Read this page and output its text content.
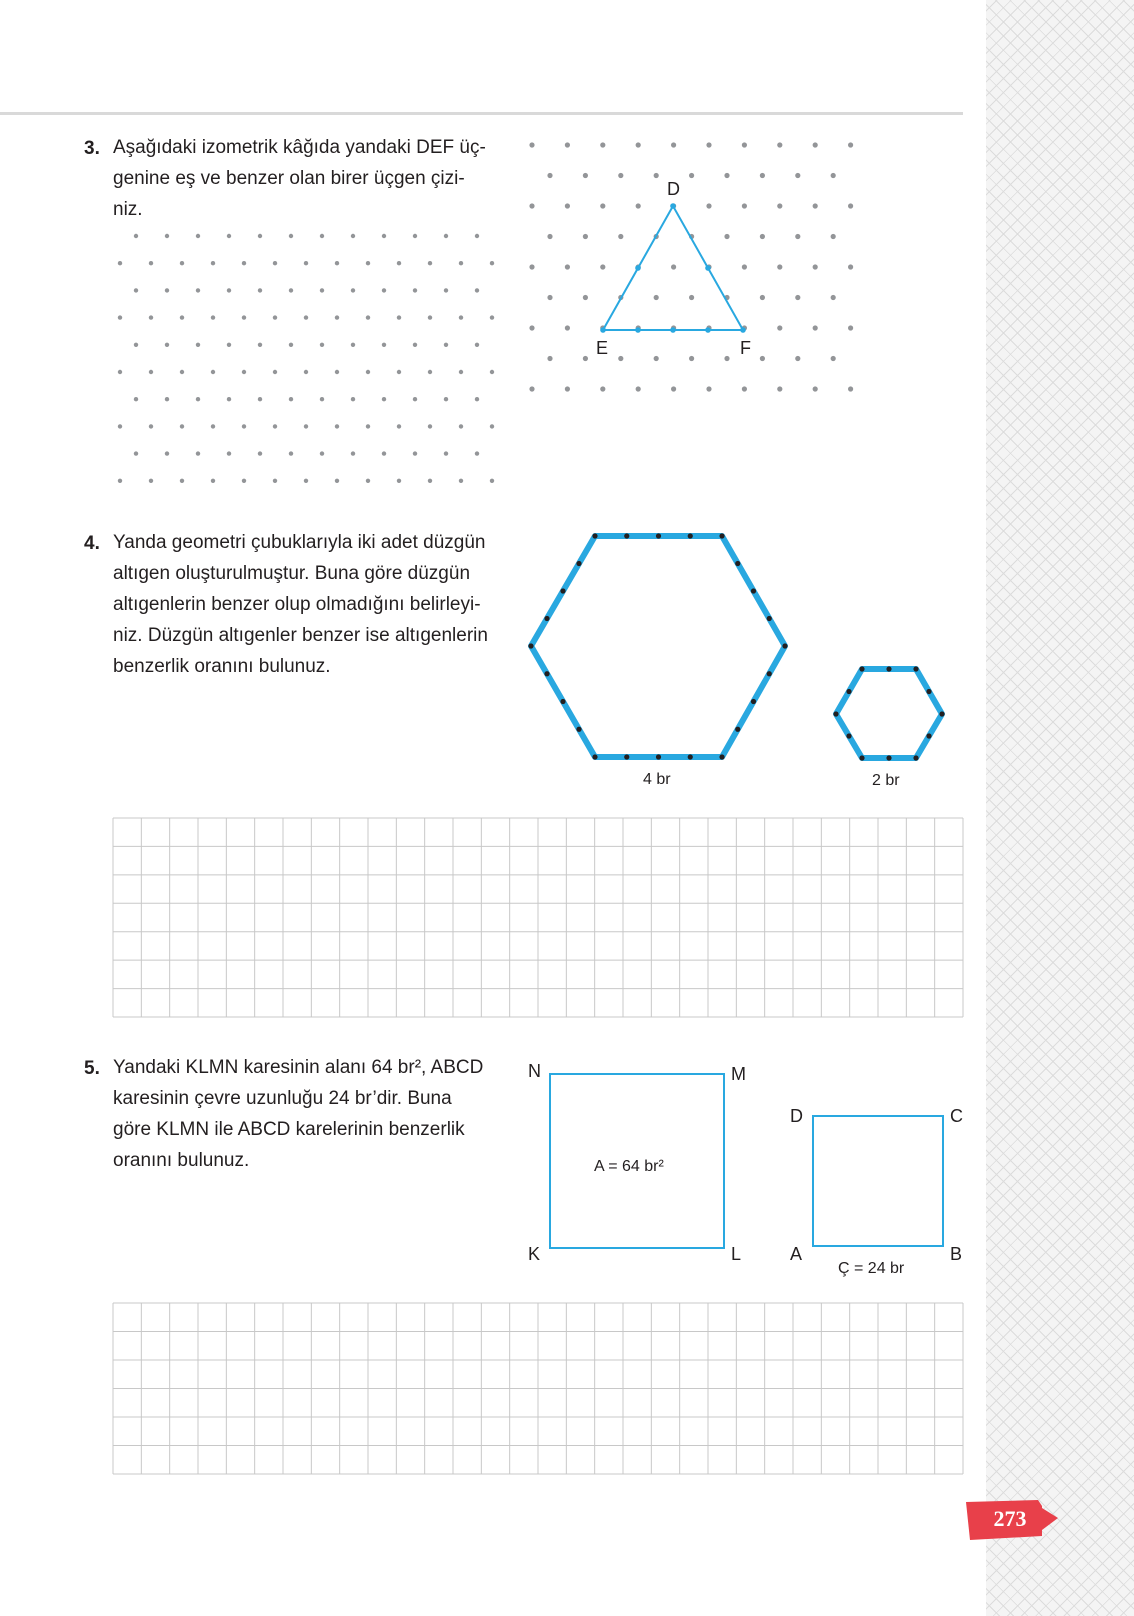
3. Aşağıdaki izometrik kâğıda yandaki DEF üç-
genine eş ve benzer olan birer üçgen çizi-
niz.
D
E	F
4 br	2 br
N	M
K	L
A = 64 br²
D	C
A	B
Ç = 24 br
4. Yanda geometri çubuklarıyla iki adet düzgün
altıgen oluşturulmuştur. Buna göre düzgün
altıgenlerin benzer olup olmadığını belirleyi-
niz. Düzgün altıgenler benzer ise altıgenlerin
benzerlik oranını bulunuz.
5. Yandaki KLMN karesinin alanı 64 br², ABCD
karesinin çevre uzunluğu 24 br’dir. Buna
göre KLMN ile ABCD karelerinin benzerlik
oranını bulunuz.
273
